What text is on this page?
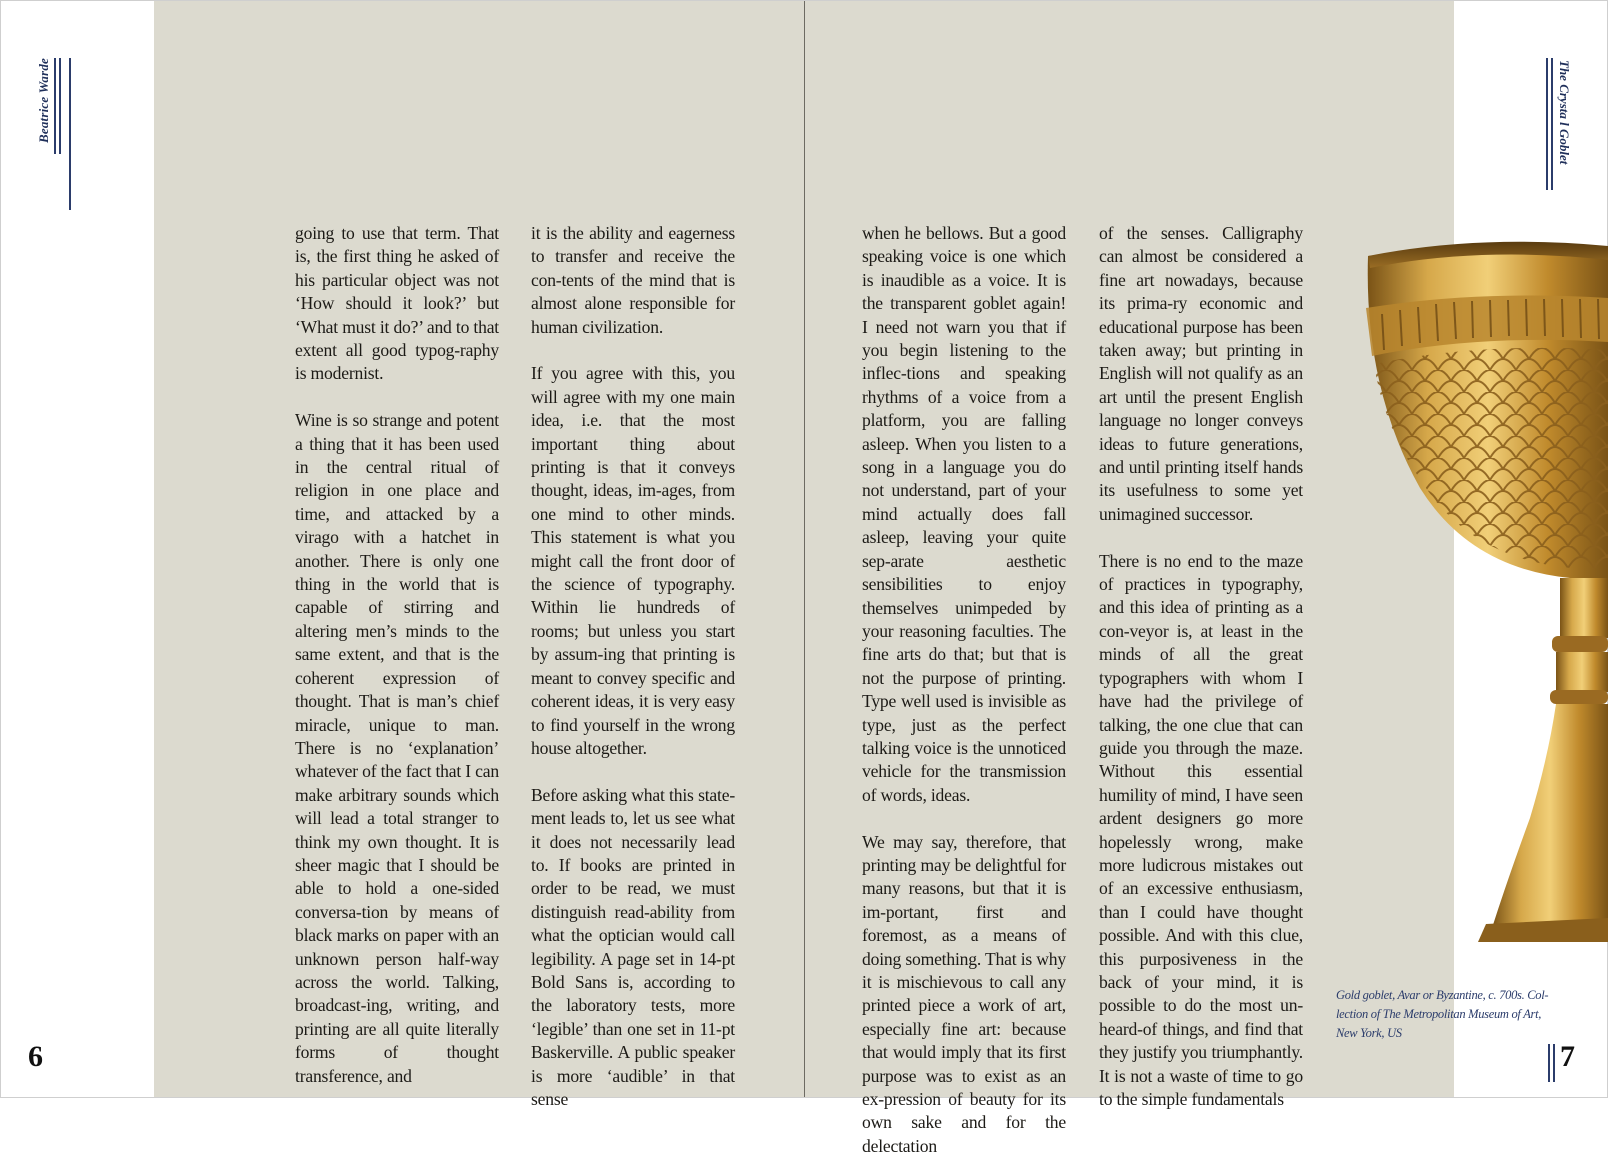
Beatrice Warde	The Crysta l Goblet
6	7

going to use that term. That is, the first thing he asked of his particular object was not ‘How should it look?’ but ‘What must it do?’ and to that extent all good typog-raphy is modernist.

Wine is so strange and potent a thing that it has been used in the central ritual of religion in one place and time, and attacked by a virago with a hatchet in another. There is only one thing in the world that is capable of stirring and altering men’s minds to the same extent, and that is the coherent expression of thought. That is man’s chief miracle, unique to man. There is no ‘explanation’ whatever of the fact that I can make arbitrary sounds which will lead a total stranger to think my own thought. It is sheer magic that I should be able to hold a one-sided conversa-tion by means of black marks on paper with an unknown person half-way across the world. Talking, broadcast-ing, writing, and printing are all quite literally forms of thought transference, and

it is the ability and eagerness to transfer and receive the con-tents of the mind that is almost alone responsible for human civilization.

If you agree with this, you will agree with my one main idea, i.e. that the most important thing about printing is that it conveys thought, ideas, im-ages, from one mind to other minds. This statement is what you might call the front door of the science of typography. Within lie hundreds of rooms; but unless you start by assum-ing that printing is meant to convey specific and coherent ideas, it is very easy to find yourself in the wrong house altogether.

Before asking what this state-ment leads to, let us see what it does not necessarily lead to. If books are printed in order to be read, we must distinguish read-ability from what the optician would call legibility. A page set in 14-pt Bold Sans is, according to the laboratory tests, more ‘legible’ than one set in 11-pt Baskerville. A public speaker is more ‘audible’ in that sense

when he bellows. But a good speaking voice is one which is inaudible as a voice. It is the transparent goblet again! I need not warn you that if you begin listening to the inflec-tions and speaking rhythms of a voice from a platform, you are falling asleep. When you listen to a song in a language you do not understand, part of your mind actually does fall asleep, leaving your quite sep-arate aesthetic sensibilities to enjoy themselves unimpeded by your reasoning faculties. The fine arts do that; but that is not the purpose of printing. Type well used is invisible as type, just as the perfect talking voice is the unnoticed vehicle for the transmission of words, ideas.

We may say, therefore, that printing may be delightful for many reasons, but that it is im-portant, first and foremost, as a means of doing something. That is why it is mischievous to call any printed piece a work of art, especially fine art: because that would imply that its first purpose was to exist as an ex-pression of beauty for its own sake and for the delectation

of the senses. Calligraphy can almost be considered a fine art nowadays, because its prima-ry economic and educational purpose has been taken away; but printing in English will not qualify as an art until the present English language no longer conveys ideas to future generations, and until printing itself hands its usefulness to some yet unimagined successor.

There is no end to the maze of practices in typography, and this idea of printing as a con-veyor is, at least in the minds of all the great typographers with whom I have had the privilege of talking, the one clue that can guide you through the maze. Without this essential humility of mind, I have seen ardent designers go more hopelessly wrong, make more ludicrous mistakes out of an excessive enthusiasm, than I could have thought possible. And with this clue, this purposiveness in the back of your mind, it is possible to do the most un-heard-of things, and find that they justify you triumphantly. It is not a waste of time to go to the simple fundamentals

Gold goblet, Avar or Byzantine, c. 700s. Col-lection of The Metropolitan Museum of Art, New York, US
